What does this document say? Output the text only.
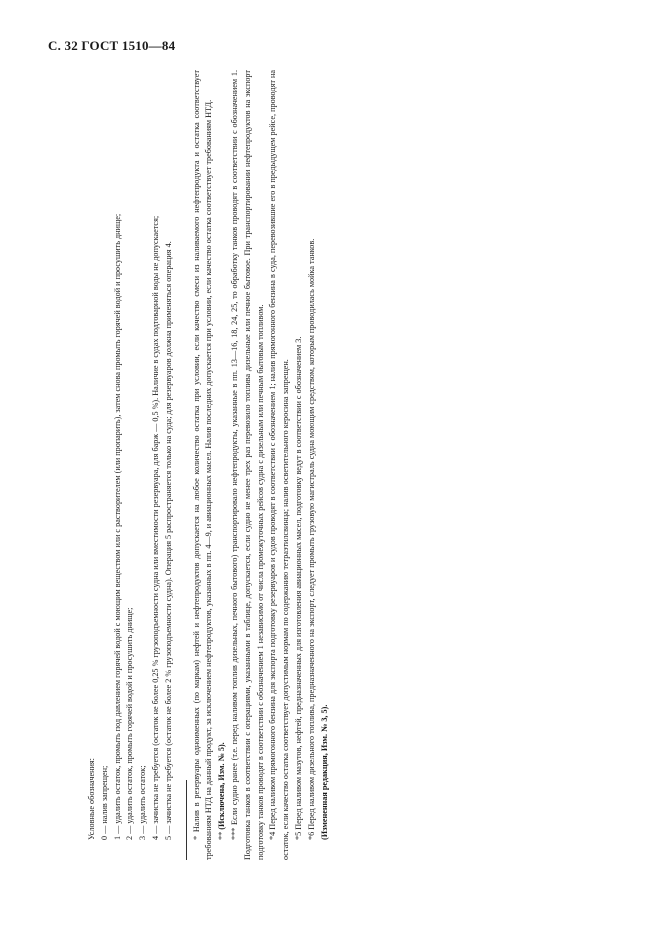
С. 32 ГОСТ 1510—84

Условные обозначения: 0 — налив запрещен; 1 — удалить остаток, промыть под давлением горячей водой с моющим веществом или с растворителем (или пропарить), затем снова промыть горячей водой и просушить днище; 2 — удалить остаток, промыть горячей водой и просушить днище; 3 — удалить остаток; 4 — зачистка не требуется (остаток не более 0,25 % грузоподъемности судна или вместимости резервуара, для барж — 0,5 %). Наличие в судах подтоварной воды не допускается; 5 — зачистка не требуется (остаток не более 2 % грузоподъемности судна). Операция 5 распространяется только на суда; для резервуаров должна применяться операция 4.	* Налив в резервуары одноименных (по маркам) нефтей и нефтепродуктов допускается на любое количество остатка при условии, если качество смеси из наливаемого нефтепродукта и остатка соответствует требованиям НТД на данный продукт, за исключением нефтепродуктов, указанных в пп. 4—9, и авиационных масел. Налив последних допускается при условии, если качество остатка соответствует требованиям НТД. ** (Исключена, Изм. № 5).

*** Если судно ранее (т.е. перед наливом топлив дизельных, печного бытового) транспортировало нефтепродукты, указанные в пп. 13—16, 18, 24, 25, то обработку танков проводят в соответствии с обозначением 1. Подготовка танков в соответствии с операциями, указанными в таблице, допускается, если судно не менее трех раз перевозило топлива дизельные или печное бытовое. При транспортировании нефтепродуктов на экспорт подготовку танков проводят в соответствии с обозначением 1 независимо от числа промежуточных рейсов судна с дизельным или печным бытовым топливом. *4 Перед наливом прямогонного бензина для экспорта подготовку резервуаров и судов проводят в соответствии с обозначением 1; налив прямогонного бензина в суда, перевозившие его в предыдущем рейсе, проводят на остаток, если качество остатка соответствует допустимым нормам по содержанию тетраэтилсвинца; налив осветительного керосина запрещен. *5 Перед наливом мазутов, нефтей, предназначенных для изготовления авиационных масел, подготовку ведут в соответствии с обозначением 3.

*6 Перед наливом дизельного топлива, предназначенного на экспорт, следует промыть грузовую магистраль судна моющим средством, которым проводилась мойка танков. (Измененная редакция, Изм. № 3, 5).
